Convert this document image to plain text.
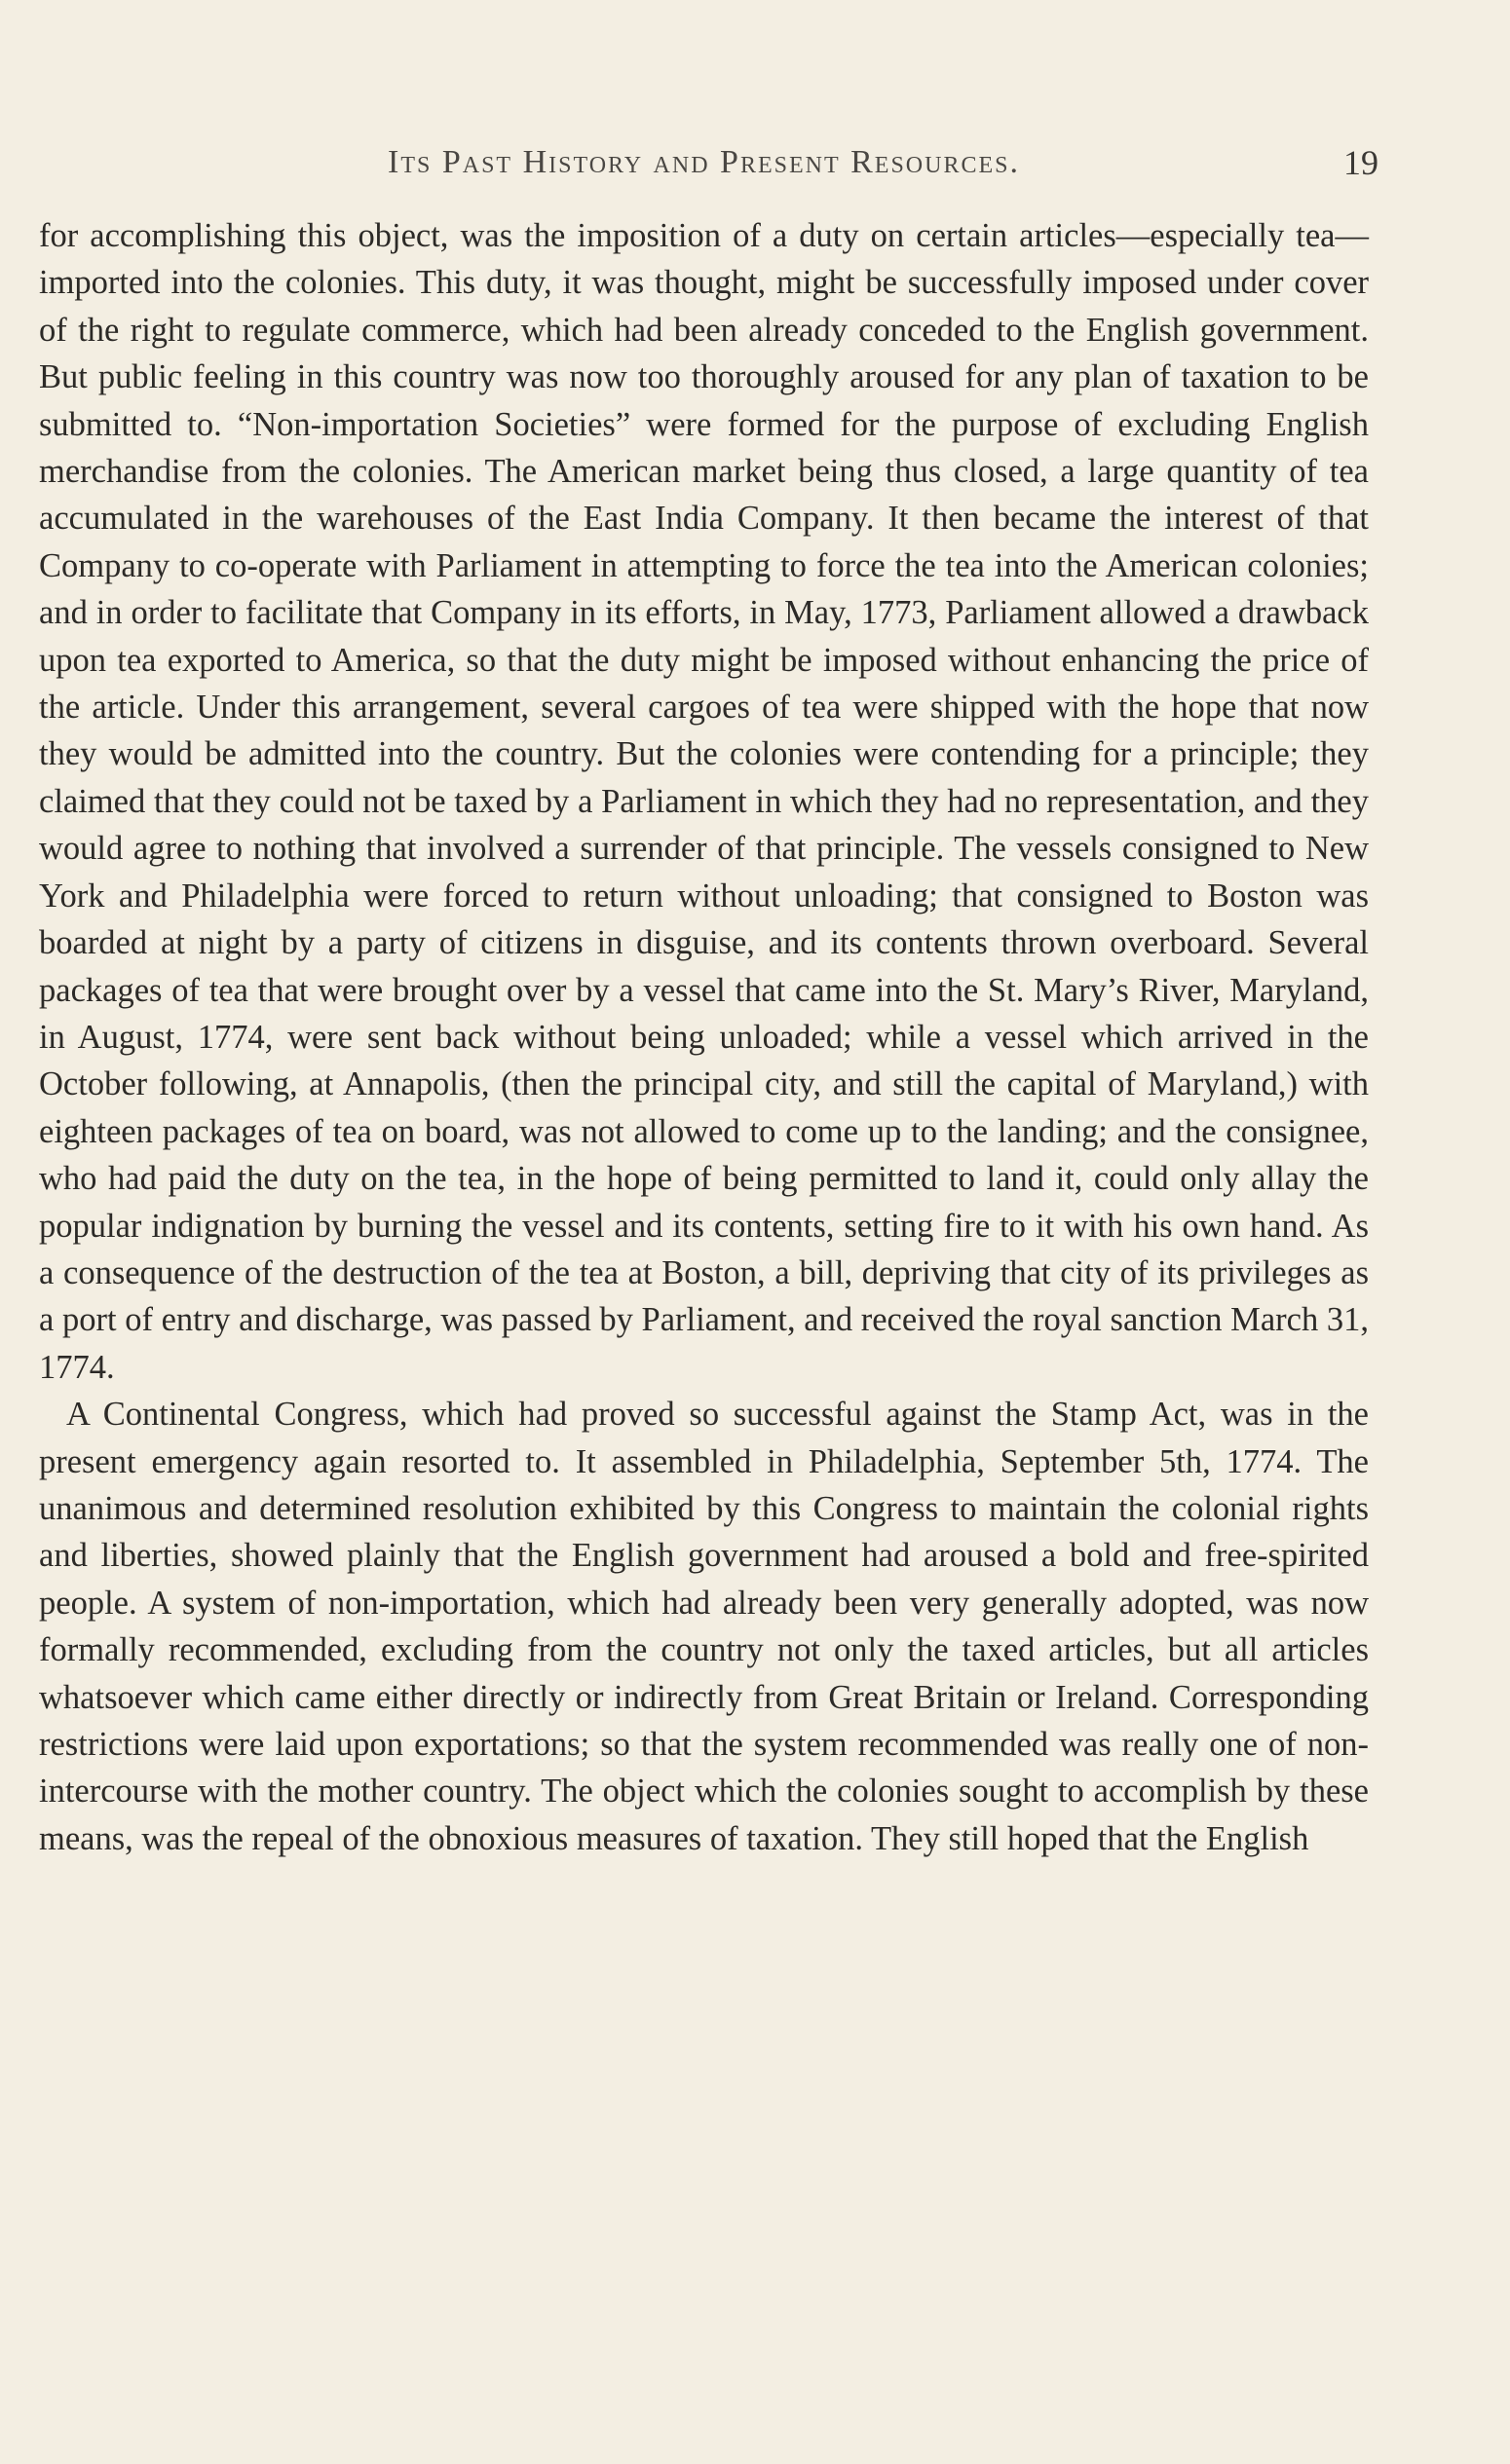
Its Past History and Present Resources.	19

for accomplishing this object, was the imposition of a duty on certain articles—especially tea—imported into the colonies. This duty, it was thought, might be successfully imposed under cover of the right to regulate commerce, which had been already conceded to the English government. But public feeling in this country was now too thoroughly aroused for any plan of taxation to be submitted to. “Non-importation Societies” were formed for the purpose of excluding English merchandise from the colonies. The American market being thus closed, a large quantity of tea accumulated in the warehouses of the East India Company. It then became the interest of that Company to co-operate with Parliament in attempting to force the tea into the American colonies; and in order to facilitate that Company in its efforts, in May, 1773, Parliament allowed a drawback upon tea exported to America, so that the duty might be imposed without enhancing the price of the article. Under this arrangement, several cargoes of tea were shipped with the hope that now they would be admitted into the country. But the colonies were contending for a principle; they claimed that they could not be taxed by a Parliament in which they had no representation, and they would agree to nothing that involved a surrender of that principle. The vessels consigned to New York and Philadelphia were forced to return without unloading; that consigned to Boston was boarded at night by a party of citizens in disguise, and its contents thrown overboard. Several packages of tea that were brought over by a vessel that came into the St. Mary’s River, Maryland, in August, 1774, were sent back without being unloaded; while a vessel which arrived in the October following, at Annapolis, (then the principal city, and still the capital of Maryland,) with eighteen packages of tea on board, was not allowed to come up to the landing; and the consignee, who had paid the duty on the tea, in the hope of being permitted to land it, could only allay the popular indignation by burning the vessel and its contents, setting fire to it with his own hand. As a consequence of the destruction of the tea at Boston, a bill, depriving that city of its privileges as a port of entry and discharge, was passed by Parliament, and received the royal sanction March 31, 1774.

A Continental Congress, which had proved so successful against the Stamp Act, was in the present emergency again resorted to. It assembled in Philadelphia, September 5th, 1774. The unanimous and determined resolution exhibited by this Congress to maintain the colonial rights and liberties, showed plainly that the English government had aroused a bold and free-spirited people. A system of non-importation, which had already been very generally adopted, was now formally recommended, excluding from the country not only the taxed articles, but all articles whatsoever which came either directly or indirectly from Great Britain or Ireland. Corresponding restrictions were laid upon exportations; so that the system recommended was really one of non-intercourse with the mother country. The object which the colonies sought to accomplish by these means, was the repeal of the obnoxious measures of taxation. They still hoped that the English
